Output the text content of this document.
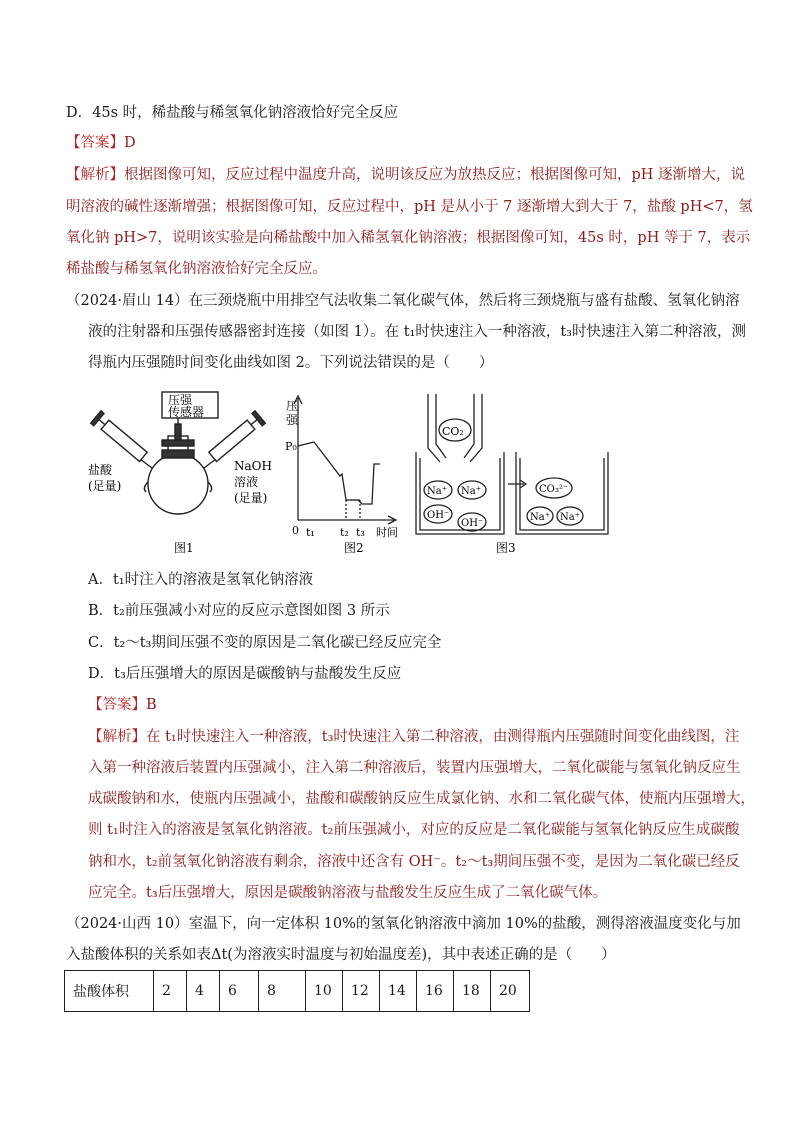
D．45s 时，稀盐酸与稀氢氧化钠溶液恰好完全反应
【答案】D
【解析】根据图像可知，反应过程中温度升高，说明该反应为放热反应；根据图像可知，pH 逐渐增大，说
明溶液的碱性逐渐增强；根据图像可知，反应过程中，pH 是从小于 7 逐渐增大到大于 7，盐酸 pH<7，氢
氧化钠 pH>7，说明该实验是向稀盐酸中加入稀氢氧化钠溶液；根据图像可知，45s 时，pH 等于 7，表示
稀盐酸与稀氢氧化钠溶液恰好完全反应。
（2024·眉山 14）在三颈烧瓶中用排空气法收集二氧化碳气体，然后将三颈烧瓶与盛有盐酸、氢氧化钠溶
液的注射器和压强传感器密封连接（如图 1）。在 t₁时快速注入一种溶液，t₃时快速注入第二种溶液，测
得瓶内压强随时间变化曲线如图 2。下列说法错误的是（　　）
压强
传感器
盐酸
(足量)
NaOH
溶液
(足量)
图1
压
强
P₀
0 t₁ t₂ t₃ 时间
图2
CO₂
Na⁺ Na⁺
OH⁻
OH⁻
CO₃²⁻
Na⁺ Na⁺
图3
A．t₁时注入的溶液是氢氧化钠溶液
B．t₂前压强减小对应的反应示意图如图 3 所示
C．t₂～t₃期间压强不变的原因是二氧化碳已经反应完全
D．t₃后压强增大的原因是碳酸钠与盐酸发生反应
【答案】B
【解析】在 t₁时快速注入一种溶液，t₃时快速注入第二种溶液，由测得瓶内压强随时间变化曲线图，注
入第一种溶液后装置内压强减小，注入第二种溶液后，装置内压强增大，二氧化碳能与氢氧化钠反应生
成碳酸钠和水，使瓶内压强减小，盐酸和碳酸钠反应生成氯化钠、水和二氧化碳气体，使瓶内压强增大，
则 t₁时注入的溶液是氢氧化钠溶液。t₂前压强减小，对应的反应是二氧化碳能与氢氧化钠反应生成碳酸
钠和水，t₂前氢氧化钠溶液有剩余，溶液中还含有 OH⁻。t₂～t₃期间压强不变，是因为二氧化碳已经反
应完全。t₃后压强增大，原因是碳酸钠溶液与盐酸发生反应生成了二氧化碳气体。
（2024·山西 10）室温下，向一定体积 10%的氢氧化钠溶液中滴加 10%的盐酸，测得溶液温度变化与加
入盐酸体积的关系如表Δt(为溶液实时温度与初始温度差)，其中表述正确的是（　　）
盐酸体积	2	4	6	8	10	12	14	16	18	20
